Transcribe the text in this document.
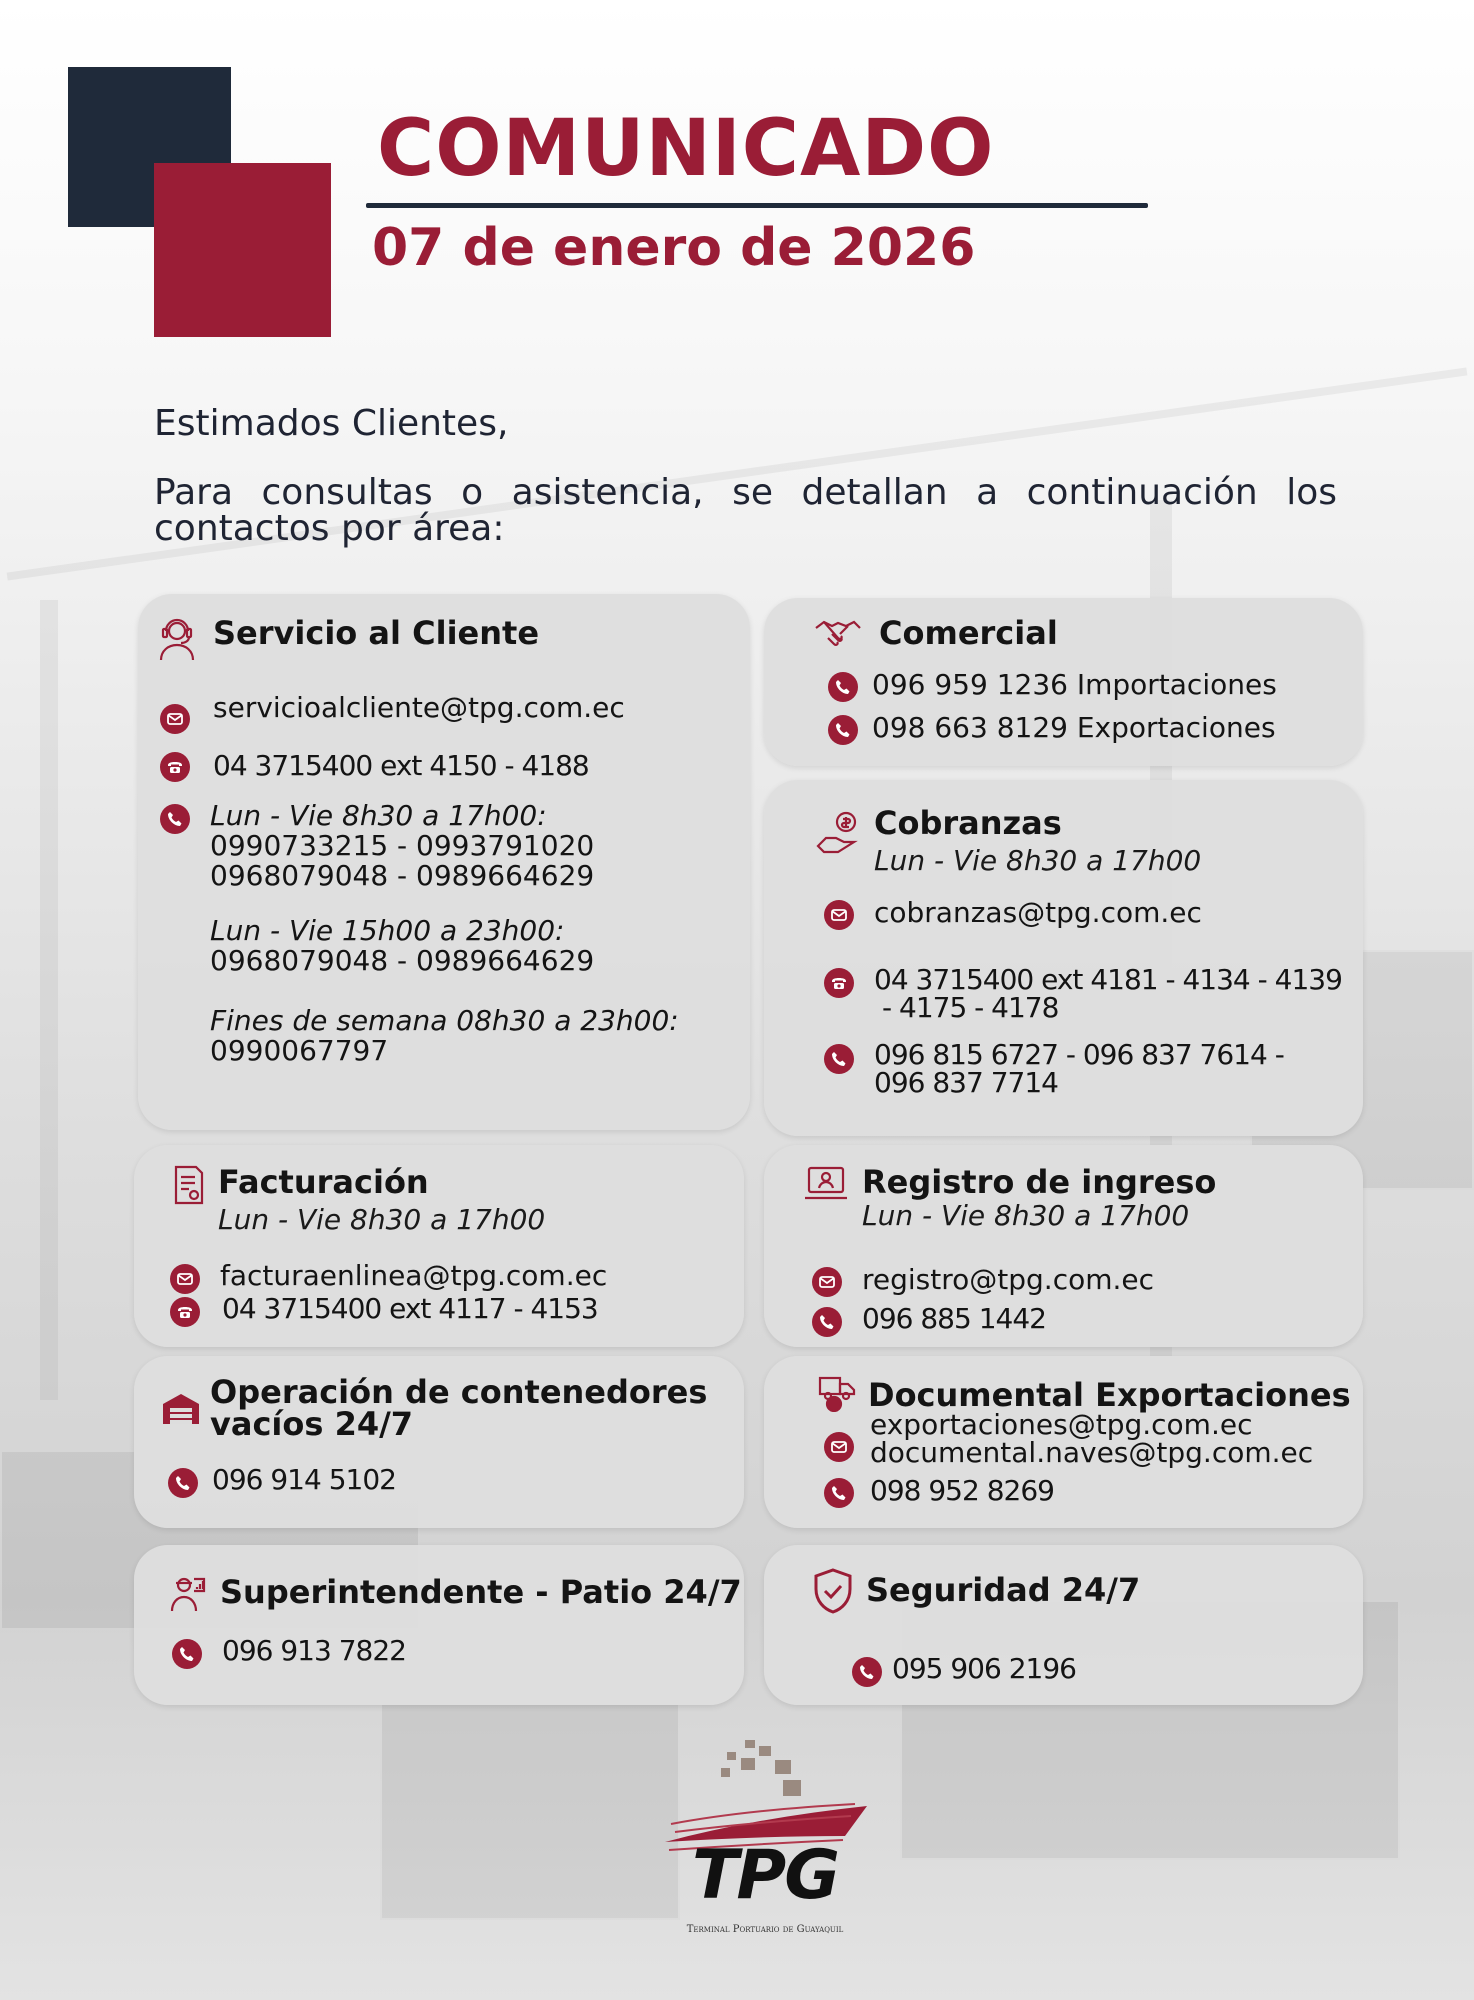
COMUNICADO
07 de enero de 2026
Estimados Clientes,
Para consultas o asistencia, se detallan a continuación los contactos por área:
Servicio al Cliente
servicioalcliente@tpg.com.ec
04 3715400 ext 4150 - 4188
Lun - Vie 8h30 a 17h00:
0990733215 - 0993791020
0968079048 - 0989664629
Lun - Vie 15h00 a 23h00:
0968079048 - 0989664629
Fines de semana 08h30 a 23h00:
0990067797
Comercial
096 959 1236 Importaciones
098 663 8129 Exportaciones
Cobranzas
Lun - Vie 8h30 a 17h00
cobranzas@tpg.com.ec
04 3715400 ext 4181 - 4134 - 4139
- 4175 - 4178
096 815 6727 - 096 837 7614 -
096 837 7714
Facturación
Lun - Vie 8h30 a 17h00
facturaenlinea@tpg.com.ec
04 3715400 ext 4117 - 4153
Registro de ingreso
Lun - Vie 8h30 a 17h00
registro@tpg.com.ec
096 885 1442
Operación de contenedores
vacíos 24/7
096 914 5102
Documental Exportaciones
exportaciones@tpg.com.ec
documental.naves@tpg.com.ec
098 952 8269
Superintendente - Patio 24/7
096 913 7822
Seguridad 24/7
095 906 2196
TPG
Terminal Portuario de Guayaquil
